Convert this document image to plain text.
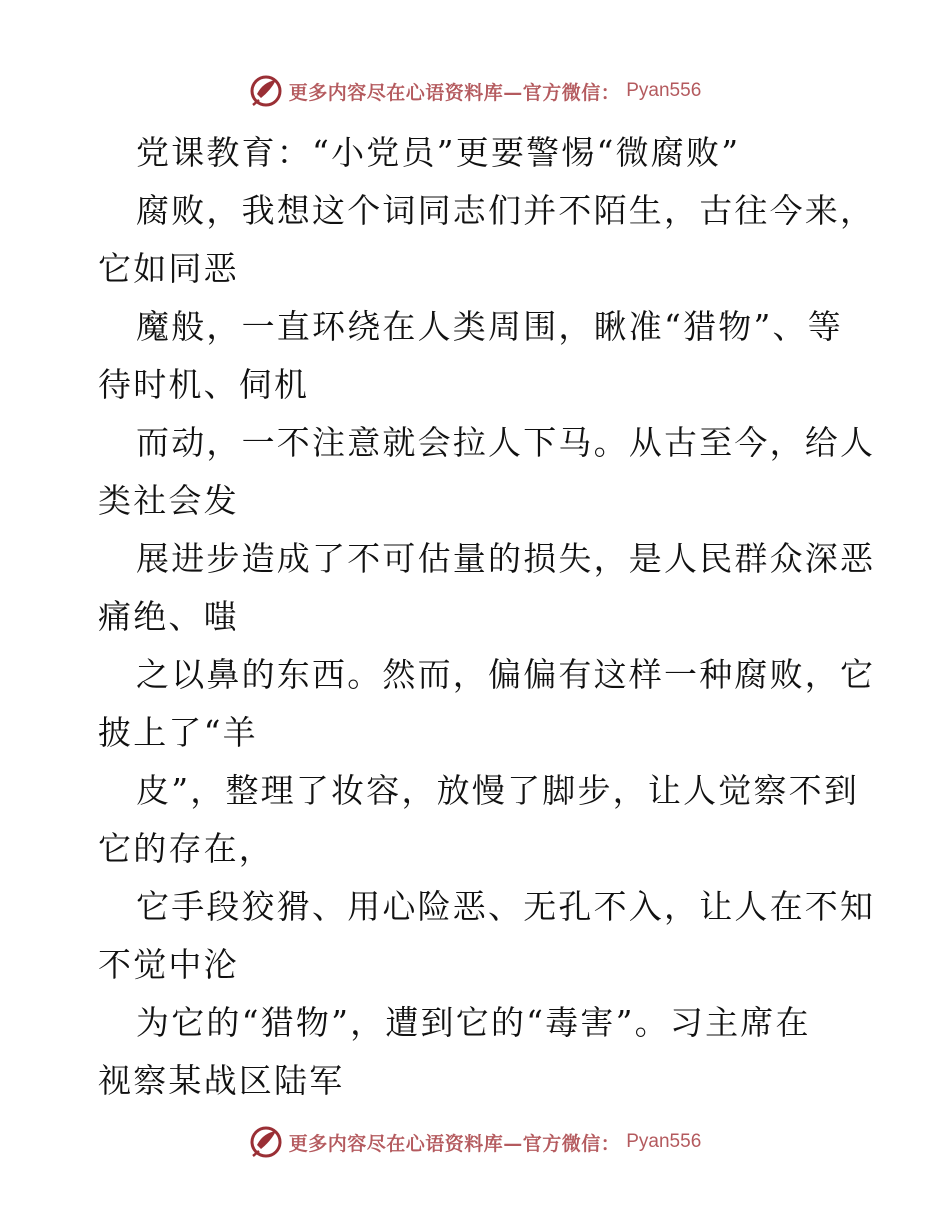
更多内容尽在心语资料库—官方微信： Pyan556
党课教育：“小党员”更要警惕“微腐败”
腐败，我想这个词同志们并不陌生，古往今来，
它如同恶
魔般，一直环绕在人类周围，瞅准“猎物”、等
待时机、伺机
而动，一不注意就会拉人下马。从古至今，给人
类社会发
展进步造成了不可估量的损失，是人民群众深恶
痛绝、嗤
之以鼻的东西。然而，偏偏有这样一种腐败，它
披上了“羊
皮”，整理了妆容，放慢了脚步，让人觉察不到
它的存在，
它手段狡猾、用心险恶、无孔不入，让人在不知
不觉中沦
为它的“猎物”，遭到它的“毒害”。习主席在
视察某战区陆军
更多内容尽在心语资料库—官方微信： Pyan556
